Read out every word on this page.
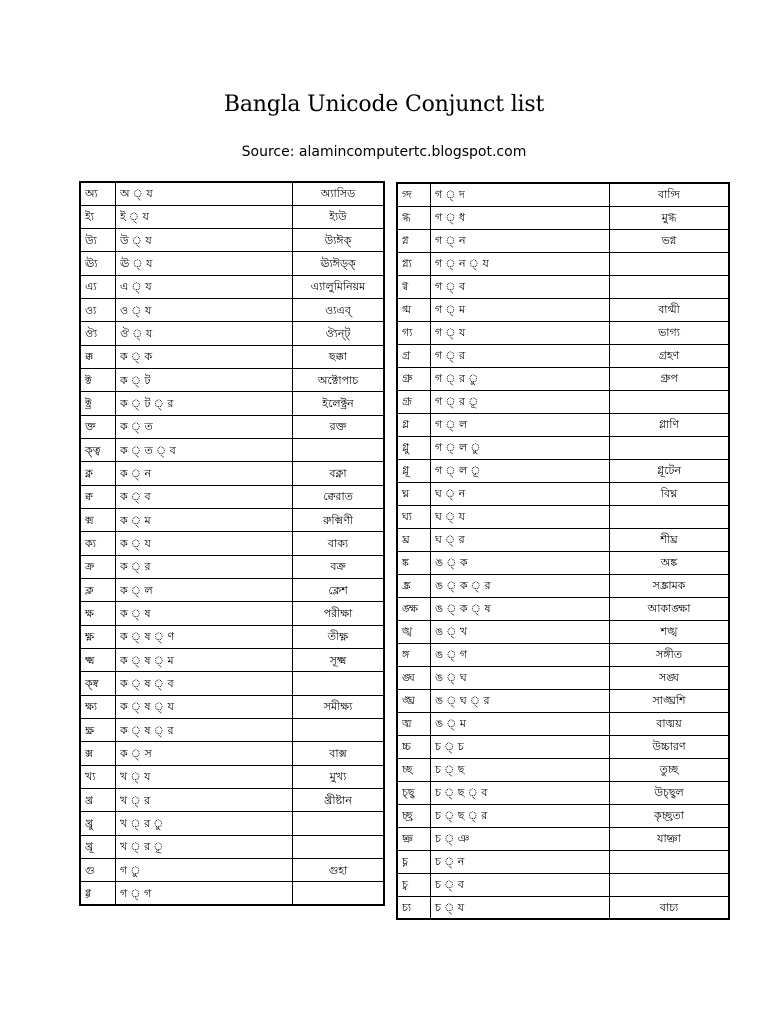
Bangla Unicode Conjunct list
Source: alamincomputertc.blogspot.com
অ্য	অ ্ য	অ্যাসিড
ই্য	ই ্ য	ই্যউ
উ্য	উ ্ য	উ্যঈক্
ঊ্য	ঊ ্ য	ঊ্যঈড্ক্
এ্য	এ ্ য	এ্যালুমিনিয়ম
ও্য	ও ্ য	ও্যএব্
ঔ্য	ঔ ্ য	ঔ্যন্ট্
ক্ক	ক ্ ক	ছক্কা
ক্ট	ক ্ ট	অক্টোপাচ
ক্ট্র	ক ্ ট ্ র	ইলেক্ট্রন
ক্ত	ক ্ ত	রক্ত
ক্ত্ব	ক ্ ত ্ ব	
ক্ন	ক ্ ন	বক্না
ক্ব	ক ্ ব	ক্বেরাত
ক্ম	ক ্ ম	রুক্মিণী
ক্য	ক ্ য	বাক্য
ক্র	ক ্ র	বক্র
ক্ল	ক ্ ল	ক্লেশ
ক্ষ	ক ্ ষ	পরীক্ষা
ক্ষ্ণ	ক ্ ষ ্ ণ	তীক্ষ্ণ
ক্ষ্ম	ক ্ ষ ্ ম	সূক্ষ্ম
ক্ষ্ব	ক ্ ষ ্ ব	
ক্ষ্য	ক ্ ষ ্ য	সমীক্ষ্য
ক্ষ্র	ক ্ ষ ্ র	
ক্স	ক ্ স	বাক্স
খ্য	খ ্ য	মুখ্য
খ্র	খ ্ র	খ্রীষ্টান
খ্রু	খ ্ র ু	
খ্রূ	খ ্ র ূ	
গু	গ ু	গুহা
গ্গ	গ ্ গ	
গ্দ	গ ্ দ	বাগ্দি
গ্ধ	গ ্ ধ	মুগ্ধ
গ্ন	গ ্ ন	ভগ্ন
গ্ন্য	গ ্ ন ্ য	
গ্ব	গ ্ ব	
গ্ম	গ ্ ম	বাগ্মী
গ্য	গ ্ য	ভাগ্য
গ্র	গ ্ র	গ্রহণ
গ্রু	গ ্ র ু	গ্রুপ
গ্রূ	গ ্ র ূ	
গ্ল	গ ্ ল	গ্লাণি
গ্লু	গ ্ ল ু	
গ্লূ	গ ্ ল ূ	গ্লূটেন
ঘ্ন	ঘ ্ ন	বিঘ্ন
ঘ্য	ঘ ্ য	
ঘ্র	ঘ ্ র	শীঘ্র
ঙ্ক	ঙ ্ ক	অঙ্ক
ঙ্ক্র	ঙ ্ ক ্ র	সঙ্ক্রামক
ঙ্ক্ষ	ঙ ্ ক ্ ষ	আকাঙ্ক্ষা
ঙ্খ	ঙ ্ খ	শঙ্খ
ঙ্গ	ঙ ্ গ	সঙ্গীত
ঙ্ঘ	ঙ ্ ঘ	সঙ্ঘ
ঙ্ঘ্র	ঙ ্ ঘ ্ র	সাঙ্ঘ্রশি
ঙ্ম	ঙ ্ ম	বাঙ্ময়
চ্চ	চ ্ চ	উচ্চারণ
চ্ছ	চ ্ ছ	তুচ্ছ
চ্ছ্ব	চ ্ ছ ্ ব	উচ্ছ্বল
চ্ছ্র	চ ্ ছ ্ র	কৃচ্ছ্রতা
চ্ঞ	চ ্ ঞ	যাচ্ঞা
চ্ন	চ ্ ন	
চ্ব	চ ্ ব	
চ্য	চ ্ য	বাচ্য
